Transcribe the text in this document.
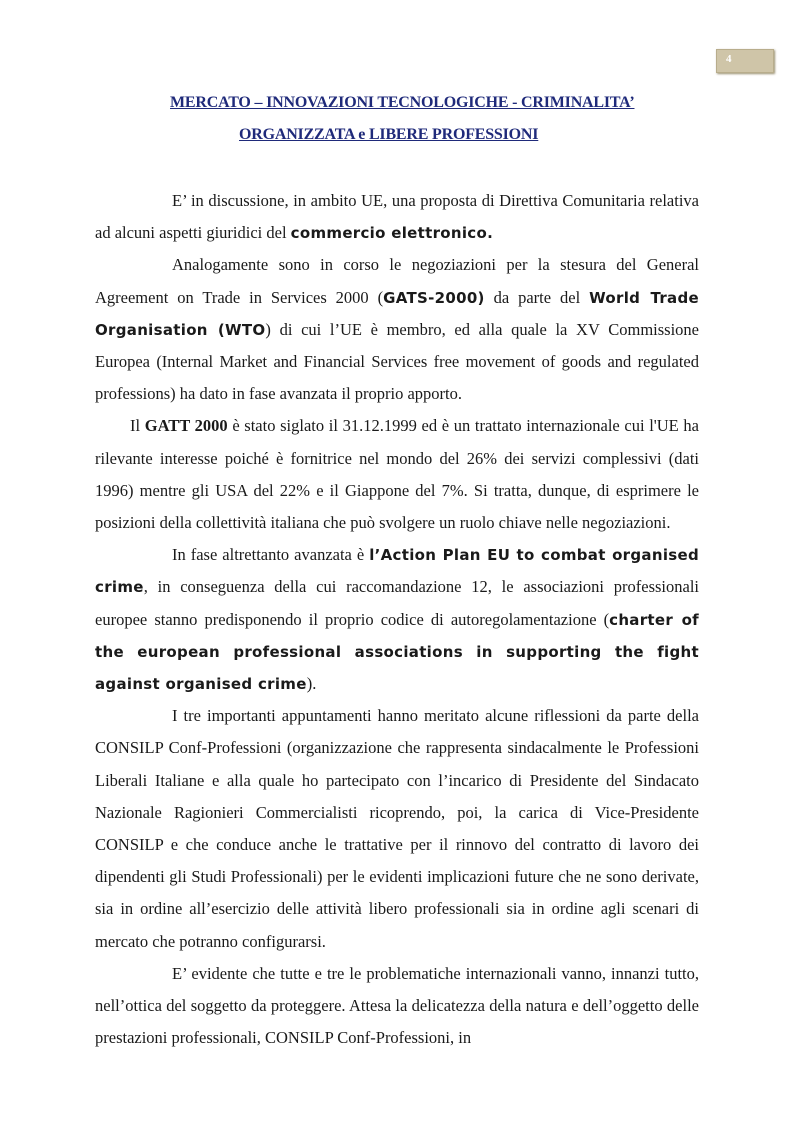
4
MERCATO – INNOVAZIONI TECNOLOGICHE - CRIMINALITA’
ORGANIZZATA e LIBERE PROFESSIONI

E’ in discussione, in ambito UE, una proposta di Direttiva Comunitaria relativa ad alcuni aspetti giuridici del commercio elettronico.

Analogamente sono in corso le negoziazioni per la stesura del General Agreement on Trade in Services 2000 (GATS-2000) da parte del World Trade Organisation (WTO) di cui l’UE è membro, ed alla quale la XV Commissione Europea (Internal Market and Financial Services free movement of goods and regulated professions) ha dato in fase avanzata il proprio apporto.

Il GATT 2000 è stato siglato il 31.12.1999 ed è un trattato internazionale cui l'UE ha rilevante interesse poiché è fornitrice nel mondo del 26% dei servizi complessivi (dati 1996) mentre gli USA del 22% e il Giappone del 7%. Si tratta, dunque, di esprimere le posizioni della collettività italiana che può svolgere un ruolo chiave nelle negoziazioni.

In fase altrettanto avanzata è l’Action Plan EU to combat organised crime, in conseguenza della cui raccomandazione 12, le associazioni professionali europee stanno predisponendo il proprio codice di autoregolamentazione (charter of the european professional associations in supporting the fight against organised crime).

I tre importanti appuntamenti hanno meritato alcune riflessioni da parte della CONSILP Conf-Professioni (organizzazione che rappresenta sindacalmente le Professioni Liberali Italiane e alla quale ho partecipato con l’incarico di Presidente del Sindacato Nazionale Ragionieri Commercialisti ricoprendo, poi, la carica di Vice-Presidente CONSILP e che conduce anche le trattative per il rinnovo del contratto di lavoro dei dipendenti gli Studi Professionali) per le evidenti implicazioni future che ne sono derivate, sia in ordine all’esercizio delle attività libero professionali sia in ordine agli scenari di mercato che potranno configurarsi.

E’ evidente che tutte e tre le problematiche internazionali vanno, innanzi tutto, nell’ottica del soggetto da proteggere. Attesa la delicatezza della natura e dell’oggetto delle prestazioni professionali, CONSILP Conf-Professioni, in
